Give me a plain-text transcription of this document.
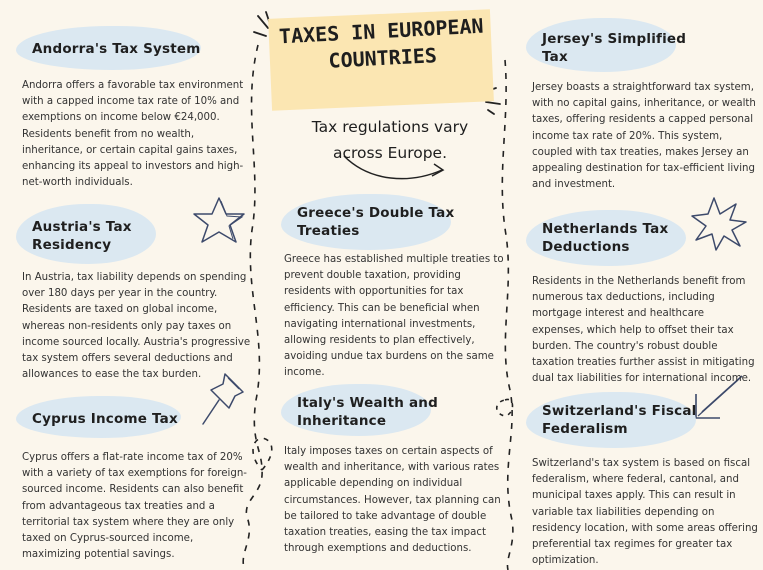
TAXES IN EUROPEAN COUNTRIES
Tax regulations vary across Europe.
Andorra's Tax System
Andorra offers a favorable tax environment with a capped income tax rate of 10% and exemptions on income below €24,000. Residents benefit from no wealth, inheritance, or certain capital gains taxes, enhancing its appeal to investors and high-net-worth individuals.
Austria's Tax Residency
In Austria, tax liability depends on spending over 180 days per year in the country. Residents are taxed on global income, whereas non-residents only pay taxes on income sourced locally. Austria's progressive tax system offers several deductions and allowances to ease the tax burden.
Cyprus Income Tax
Cyprus offers a flat-rate income tax of 20% with a variety of tax exemptions for foreign-sourced income. Residents can also benefit from advantageous tax treaties and a territorial tax system where they are only taxed on Cyprus-sourced income, maximizing potential savings.
Greece's Double Tax Treaties
Greece has established multiple treaties to prevent double taxation, providing residents with opportunities for tax efficiency. This can be beneficial when navigating international investments, allowing residents to plan effectively, avoiding undue tax burdens on the same income.
Italy's Wealth and Inheritance
Italy imposes taxes on certain aspects of wealth and inheritance, with various rates applicable depending on individual circumstances. However, tax planning can be tailored to take advantage of double taxation treaties, easing the tax impact through exemptions and deductions.
Jersey's Simplified Tax
Jersey boasts a straightforward tax system, with no capital gains, inheritance, or wealth taxes, offering residents a capped personal income tax rate of 20%. This system, coupled with tax treaties, makes Jersey an appealing destination for tax-efficient living and investment.
Netherlands Tax Deductions
Residents in the Netherlands benefit from numerous tax deductions, including mortgage interest and healthcare expenses, which help to offset their tax burden. The country's robust double taxation treaties further assist in mitigating dual tax liabilities for international income.
Switzerland's Fiscal Federalism
Switzerland's tax system is based on fiscal federalism, where federal, cantonal, and municipal taxes apply. This can result in variable tax liabilities depending on residency location, with some areas offering preferential tax regimes for greater tax optimization.
